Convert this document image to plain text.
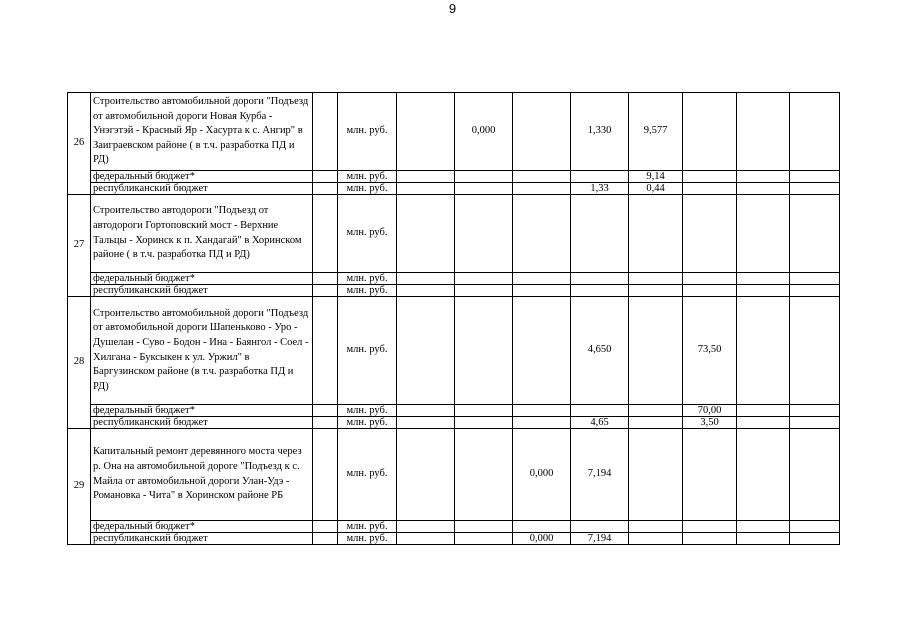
9
26	Строительство автомобильной дороги "Подъезд от автомобильной дороги Новая Курба - Унэгэтэй - Красный Яр - Хасурта к с. Ангир" в Заиграевском районе ( в т.ч. разработка ПД и РД)		млн. руб.		0,000		1,330	9,577				
	федеральный бюджет*		млн. руб.					9,14				
	республиканский бюджет		млн. руб.				1,33	0,44				
27	Строительство автодороги "Подъезд от автодороги Гортоповский мост - Верхние Тальцы - Хоринск к п. Хандагай" в Хоринском районе ( в т.ч. разработка ПД и РД)		млн. руб.									
	федеральный бюджет*		млн. руб.									
	республиканский бюджет		млн. руб.									
28	Строительство автомобильной дороги "Подъезд от автомобильной дороги Шапеньково - Уро - Душелан - Суво - Бодон - Ина - Баянгол - Соел - Хилгана - Буксыкен к ул. Уржил" в Баргузинском районе (в т.ч. разработка ПД и РД)		млн. руб.				4,650		73,50			
	федеральный бюджет*		млн. руб.						70,00			
	республиканский бюджет		млн. руб.				4,65		3,50			
29	Капитальный ремонт деревянного моста через р. Она на автомобильной дороге "Подъезд к с. Майла от автомобильной дороги Улан-Удэ - Романовка - Чита" в Хоринском районе РБ		млн. руб.			0,000	7,194					
	федеральный бюджет*		млн. руб.									
	республиканский бюджет		млн. руб.			0,000	7,194					
